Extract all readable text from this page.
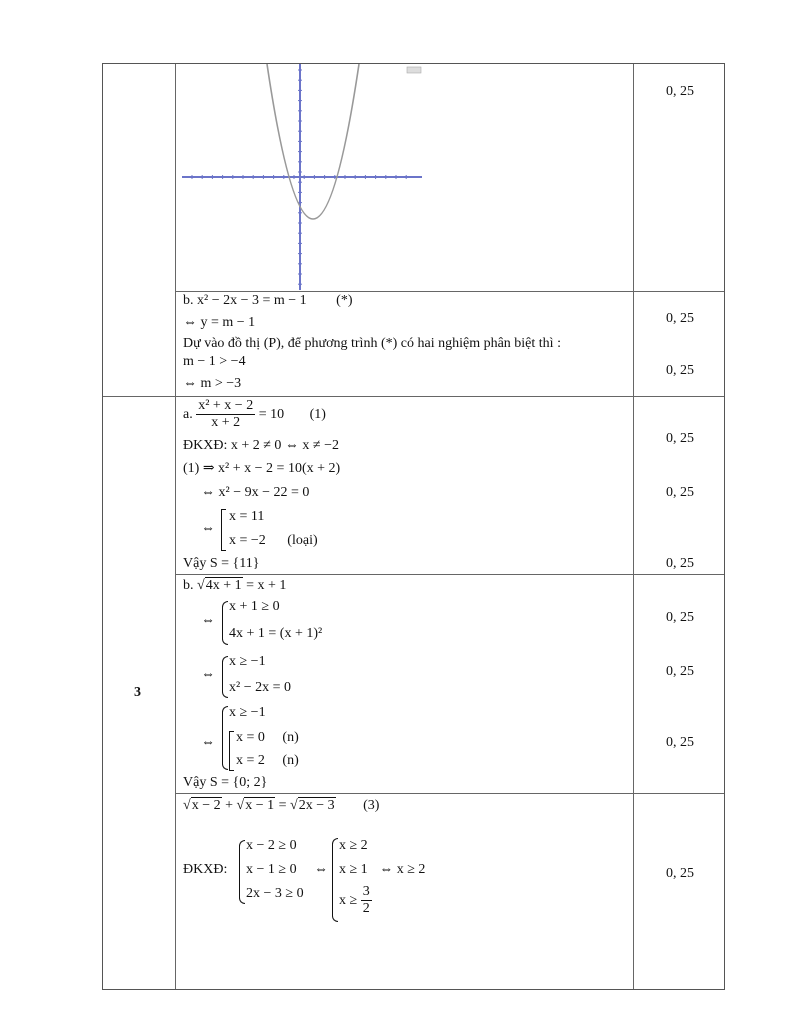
0, 25
0, 25
0, 25
0, 25
0, 25
0, 25
0, 25
0, 25
0, 25
0, 25
3
b. x² − 2x − 3 = m − 1 (*)
⇔ y = m − 1
Dự vào đồ thị (P), để phương trình (*) có hai nghiệm phân biệt thì :
m − 1 > −4
⇔ m > −3
a. $\frac{\text{x² + x − 2}}{x + 2} = 10$ (1)
ĐKXĐ: x + 2 ≠ 0 ⇔ x ≠ −2
(1) ⇒ x² + x − 2 = 10(x + 2)
⇔ x² − 9x − 22 = 0
⇔
x = 11
x = −2 (loại)
Vậy S = {11}
b. √4x + 1 = x + 1
⇔
x + 1 ≥ 0
4x + 1 = (x + 1)²
⇔
x ≥ −1
x² − 2x = 0
⇔
x ≥ −1
x = 0 (n)
x = 2 (n)
Vậy S = {0; 2}
√x − 2 + √x − 1 = √2x − 3 (3)
ĐKXĐ:
x − 2 ≥ 0
x − 1 ≥ 0
2x − 3 ≥ 0
⇔
x ≥ 2
x ≥ 1 ⇔ x ≥ 2
$x \ge \frac{3}{2}$
